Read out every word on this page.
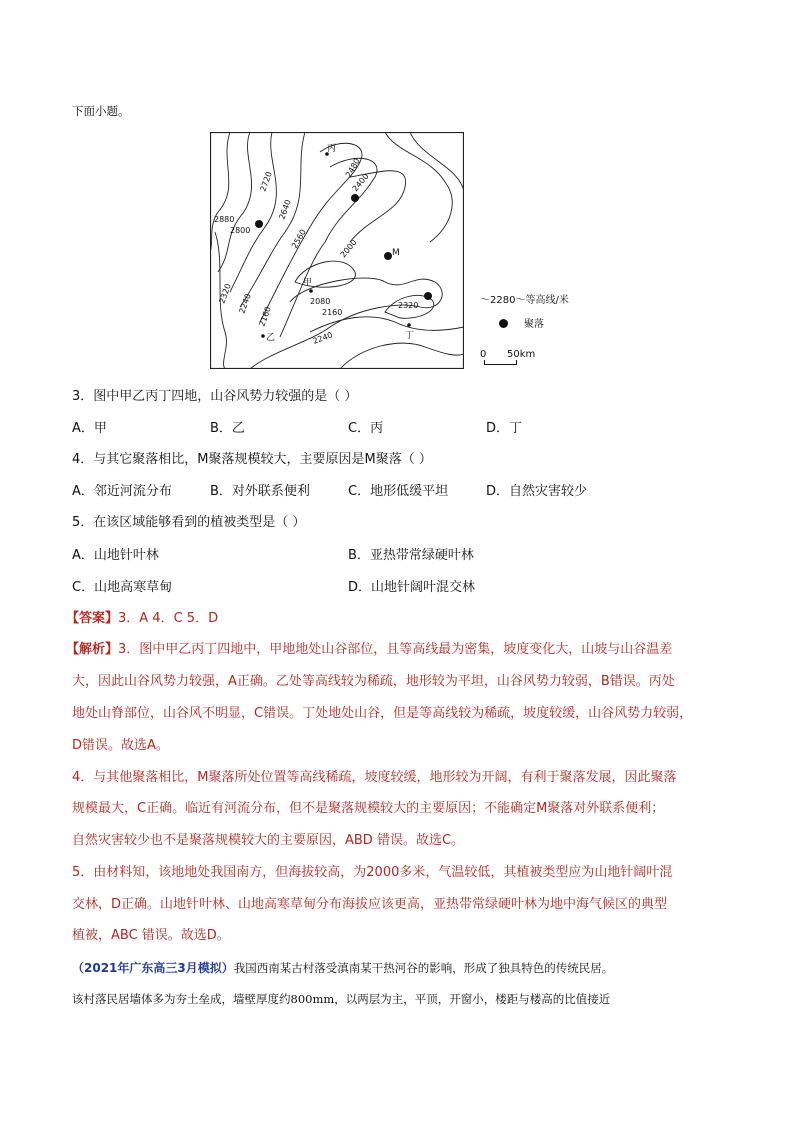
下面小题。
2880
2800
2720
2640
2560
2480
2400
2320 2240
2160
2080
2000
2320
2160
2240
丙
甲
乙	丁
M
～2280～等高线/米
聚落
0 50km
3．图中甲乙丙丁四地，山谷风势力较强的是（ ）
A．甲	B．乙	C．丙	D．丁
4．与其它聚落相比，M聚落规模较大，主要原因是M聚落（ ）
A．邻近河流分布	B．对外联系便利	C．地形低缓平坦	D．自然灾害较少
5．在该区域能够看到的植被类型是（ ）
A．山地针叶林	B．亚热带常绿硬叶林
C．山地高寒草甸	D．山地针阔叶混交林
【答案】3．A 4．C 5．D
【解析】3．图中甲乙丙丁四地中，甲地地处山谷部位，且等高线最为密集，坡度变化大，山坡与山谷温差
大，因此山谷风势力较强，A正确。乙处等高线较为稀疏，地形较为平坦，山谷风势力较弱，B错误。丙处
地处山脊部位，山谷风不明显，C错误。丁处地处山谷，但是等高线较为稀疏，坡度较缓，山谷风势力较弱，
D错误。故选A。
4．与其他聚落相比，M聚落所处位置等高线稀疏，坡度较缓，地形较为开阔，有利于聚落发展，因此聚落
规模最大，C正确。临近有河流分布，但不是聚落规模较大的主要原因；不能确定M聚落对外联系便利；
自然灾害较少也不是聚落规模较大的主要原因，ABD 错误。故选C。
5．由材料知，该地地处我国南方，但海拔较高，为2000多米，气温较低，其植被类型应为山地针阔叶混
交林，D正确。山地针叶林、山地高寒草甸分布海拔应该更高，亚热带常绿硬叶林为地中海气候区的典型
植被，ABC 错误。故选D。
（2021年广东高三3月模拟）我国西南某古村落受滇南某干热河谷的影响，形成了独具特色的传统民居。
该村落民居墙体多为夯土垒成，墙壁厚度约800mm，以两层为主，平顶，开窗小，楼距与楼高的比值接近
